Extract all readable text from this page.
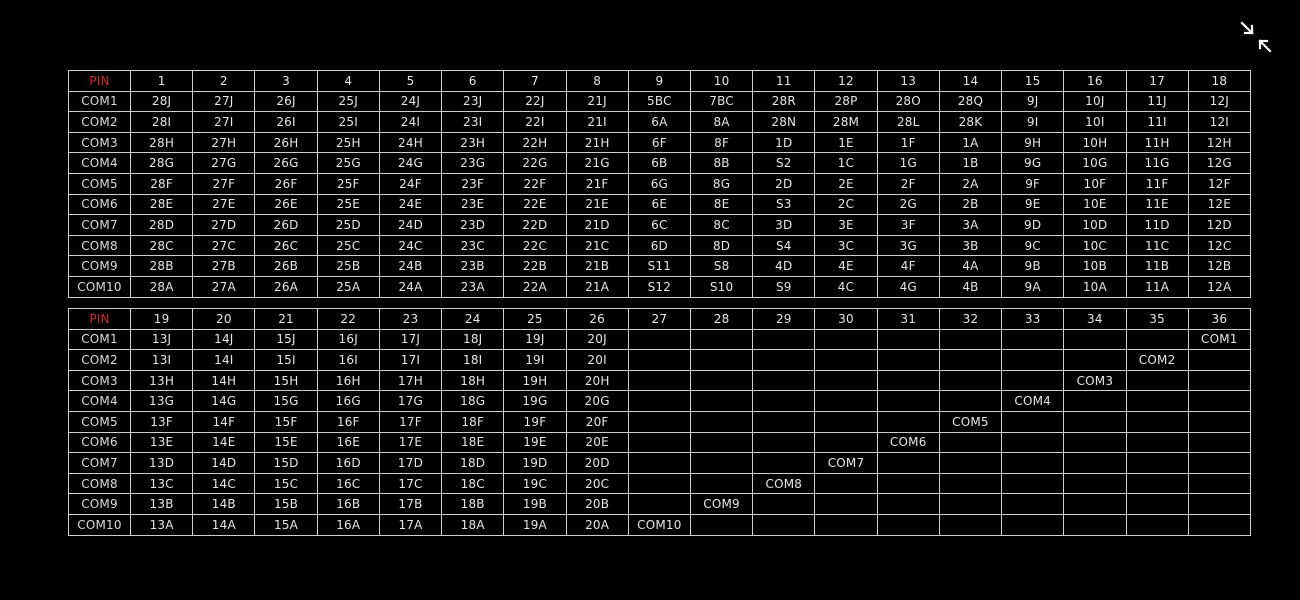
PIN	1	2	3	4	5	6	7	8	9	10	11	12	13	14	15	16	17	18
COM1	28J	27J	26J	25J	24J	23J	22J	21J	5BC	7BC	28R	28P	28O	28Q	9J	10J	11J	12J
COM2	28I	27I	26I	25I	24I	23I	22I	21I	6A	8A	28N	28M	28L	28K	9I	10I	11I	12I
COM3	28H	27H	26H	25H	24H	23H	22H	21H	6F	8F	1D	1E	1F	1A	9H	10H	11H	12H
COM4	28G	27G	26G	25G	24G	23G	22G	21G	6B	8B	S2	1C	1G	1B	9G	10G	11G	12G
COM5	28F	27F	26F	25F	24F	23F	22F	21F	6G	8G	2D	2E	2F	2A	9F	10F	11F	12F
COM6	28E	27E	26E	25E	24E	23E	22E	21E	6E	8E	S3	2C	2G	2B	9E	10E	11E	12E
COM7	28D	27D	26D	25D	24D	23D	22D	21D	6C	8C	3D	3E	3F	3A	9D	10D	11D	12D
COM8	28C	27C	26C	25C	24C	23C	22C	21C	6D	8D	S4	3C	3G	3B	9C	10C	11C	12C
COM9	28B	27B	26B	25B	24B	23B	22B	21B	S11	S8	4D	4E	4F	4A	9B	10B	11B	12B
COM10	28A	27A	26A	25A	24A	23A	22A	21A	S12	S10	S9	4C	4G	4B	9A	10A	11A	12A
PIN	19	20	21	22	23	24	25	26	27	28	29	30	31	32	33	34	35	36
COM1	13J	14J	15J	16J	17J	18J	19J	20J										COM1
COM2	13I	14I	15I	16I	17I	18I	19I	20I									COM2	
COM3	13H	14H	15H	16H	17H	18H	19H	20H								COM3		
COM4	13G	14G	15G	16G	17G	18G	19G	20G							COM4			
COM5	13F	14F	15F	16F	17F	18F	19F	20F						COM5				
COM6	13E	14E	15E	16E	17E	18E	19E	20E					COM6					
COM7	13D	14D	15D	16D	17D	18D	19D	20D				COM7						
COM8	13C	14C	15C	16C	17C	18C	19C	20C			COM8							
COM9	13B	14B	15B	16B	17B	18B	19B	20B		COM9								
COM10	13A	14A	15A	16A	17A	18A	19A	20A	COM10									
